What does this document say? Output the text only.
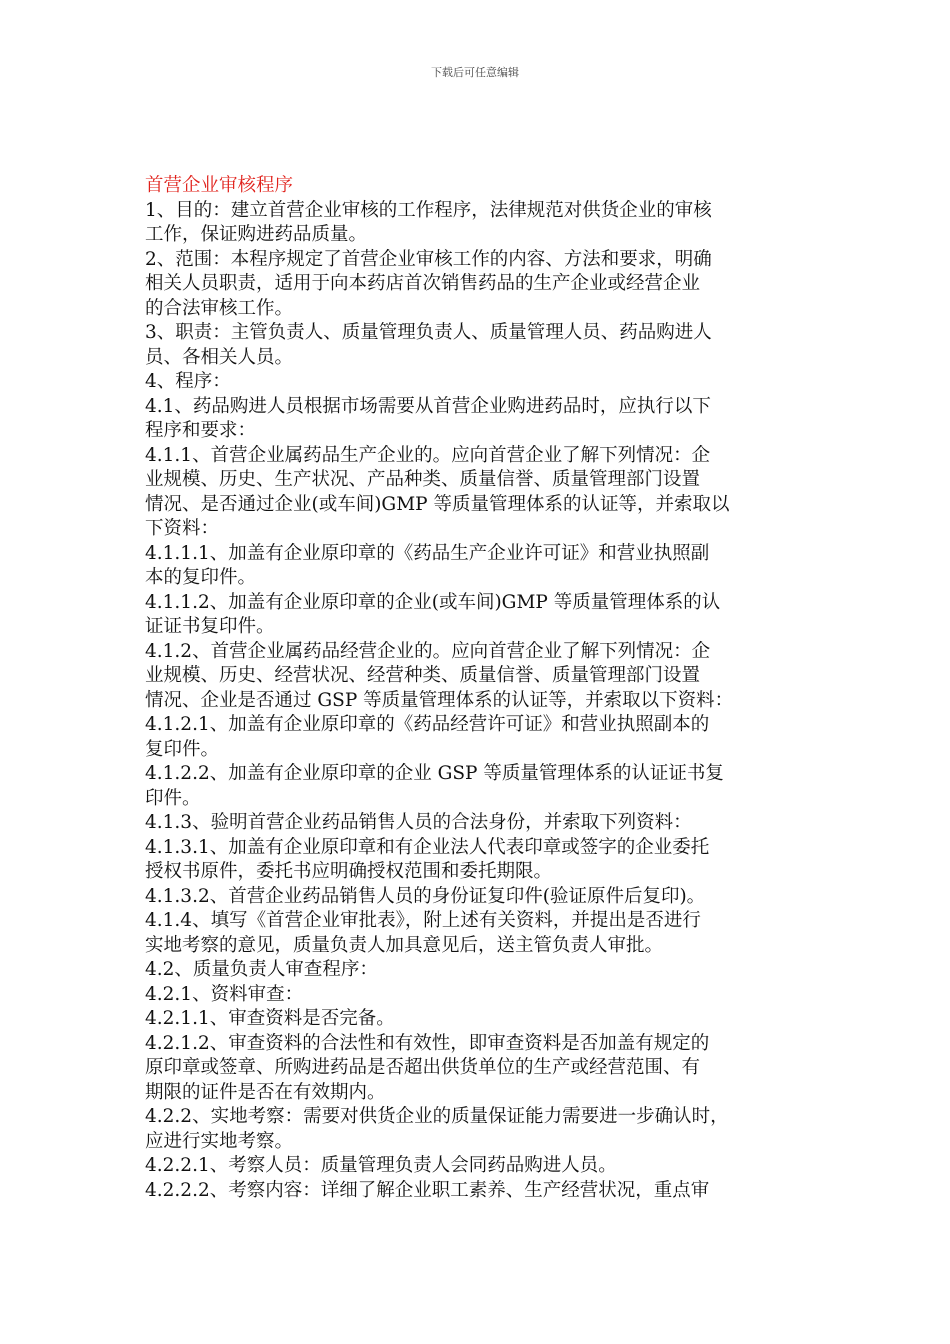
下载后可任意编辑
首营企业审核程序
1、目的：建立首营企业审核的工作程序，法律规范对供货企业的审核
工作，保证购进药品质量。
2、范围：本程序规定了首营企业审核工作的内容、方法和要求，明确
相关人员职责，适用于向本药店首次销售药品的生产企业或经营企业
的合法审核工作。
3、职责：主管负责人、质量管理负责人、质量管理人员、药品购进人
员、各相关人员。
4、程序：
4.1、药品购进人员根据市场需要从首营企业购进药品时，应执行以下
程序和要求：
4.1.1、首营企业属药品生产企业的。应向首营企业了解下列情况：企
业规模、历史、生产状况、产品种类、质量信誉、质量管理部门设置
情况、是否通过企业(或车间)GMP 等质量管理体系的认证等，并索取以
下资料：
4.1.1.1、加盖有企业原印章的《药品生产企业许可证》和营业执照副
本的复印件。
4.1.1.2、加盖有企业原印章的企业(或车间)GMP 等质量管理体系的认
证证书复印件。
4.1.2、首营企业属药品经营企业的。应向首营企业了解下列情况：企
业规模、历史、经营状况、经营种类、质量信誉、质量管理部门设置
情况、企业是否通过 GSP 等质量管理体系的认证等，并索取以下资料：
4.1.2.1、加盖有企业原印章的《药品经营许可证》和营业执照副本的
复印件。
4.1.2.2、加盖有企业原印章的企业 GSP 等质量管理体系的认证证书复
印件。
4.1.3、验明首营企业药品销售人员的合法身份，并索取下列资料：
4.1.3.1、加盖有企业原印章和有企业法人代表印章或签字的企业委托
授权书原件，委托书应明确授权范围和委托期限。
4.1.3.2、首营企业药品销售人员的身份证复印件(验证原件后复印)。
4.1.4、填写《首营企业审批表》，附上述有关资料，并提出是否进行
实地考察的意见，质量负责人加具意见后，送主管负责人审批。
4.2、质量负责人审查程序：
4.2.1、资料审查：
4.2.1.1、审查资料是否完备。
4.2.1.2、审查资料的合法性和有效性，即审查资料是否加盖有规定的
原印章或签章、所购进药品是否超出供货单位的生产或经营范围、有
期限的证件是否在有效期内。
4.2.2、实地考察：需要对供货企业的质量保证能力需要进一步确认时，
应进行实地考察。
4.2.2.1、考察人员：质量管理负责人会同药品购进人员。
4.2.2.2、考察内容：详细了解企业职工素养、生产经营状况，重点审
